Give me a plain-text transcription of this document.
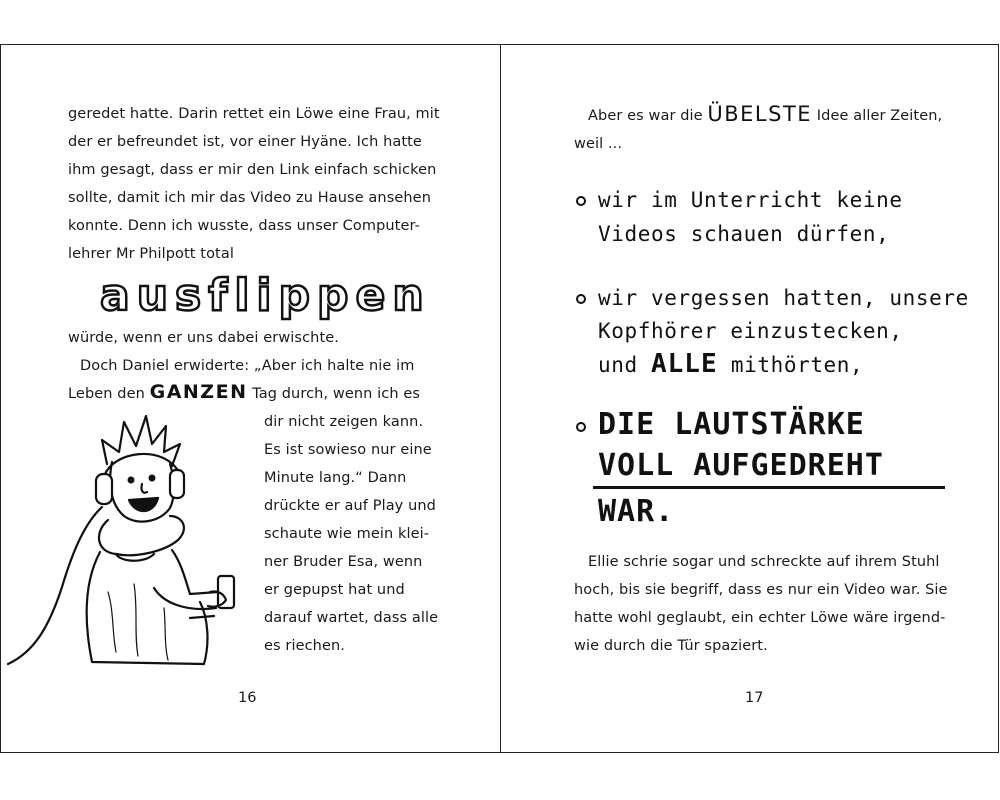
geredet hatte. Darin rettet ein Löwe eine Frau, mit
der er befreundet ist, vor einer Hyäne. Ich hatte
ihm gesagt, dass er mir den Link einfach schicken
sollte, damit ich mir das Video zu Hause ansehen
konnte. Denn ich wusste, dass unser Computer-
lehrer Mr Philpott total
ausflippen
würde, wenn er uns dabei erwischte.
Doch Daniel erwiderte: „Aber ich halte nie im
Leben den GANZEN Tag durch, wenn ich es
dir nicht zeigen kann.
Es ist sowieso nur eine
Minute lang.“ Dann
drückte er auf Play und
schaute wie mein klei-
ner Bruder Esa, wenn
er gepupst hat und
darauf wartet, dass alle
es riechen.
16
Aber es war die ÜBELSTE Idee aller Zeiten,
weil ...
wir im Unterricht keine
Videos schauen dürfen,
wir vergessen hatten, unsere
Kopfhörer einzustecken,
und ALLE mithörten,
DIE LAUTSTÄRKE
VOLL AUFGEDREHT
WAR.
Ellie schrie sogar und schreckte auf ihrem Stuhl
hoch, bis sie begriff, dass es nur ein Video war. Sie
hatte wohl geglaubt, ein echter Löwe wäre irgend-
wie durch die Tür spaziert.
17
